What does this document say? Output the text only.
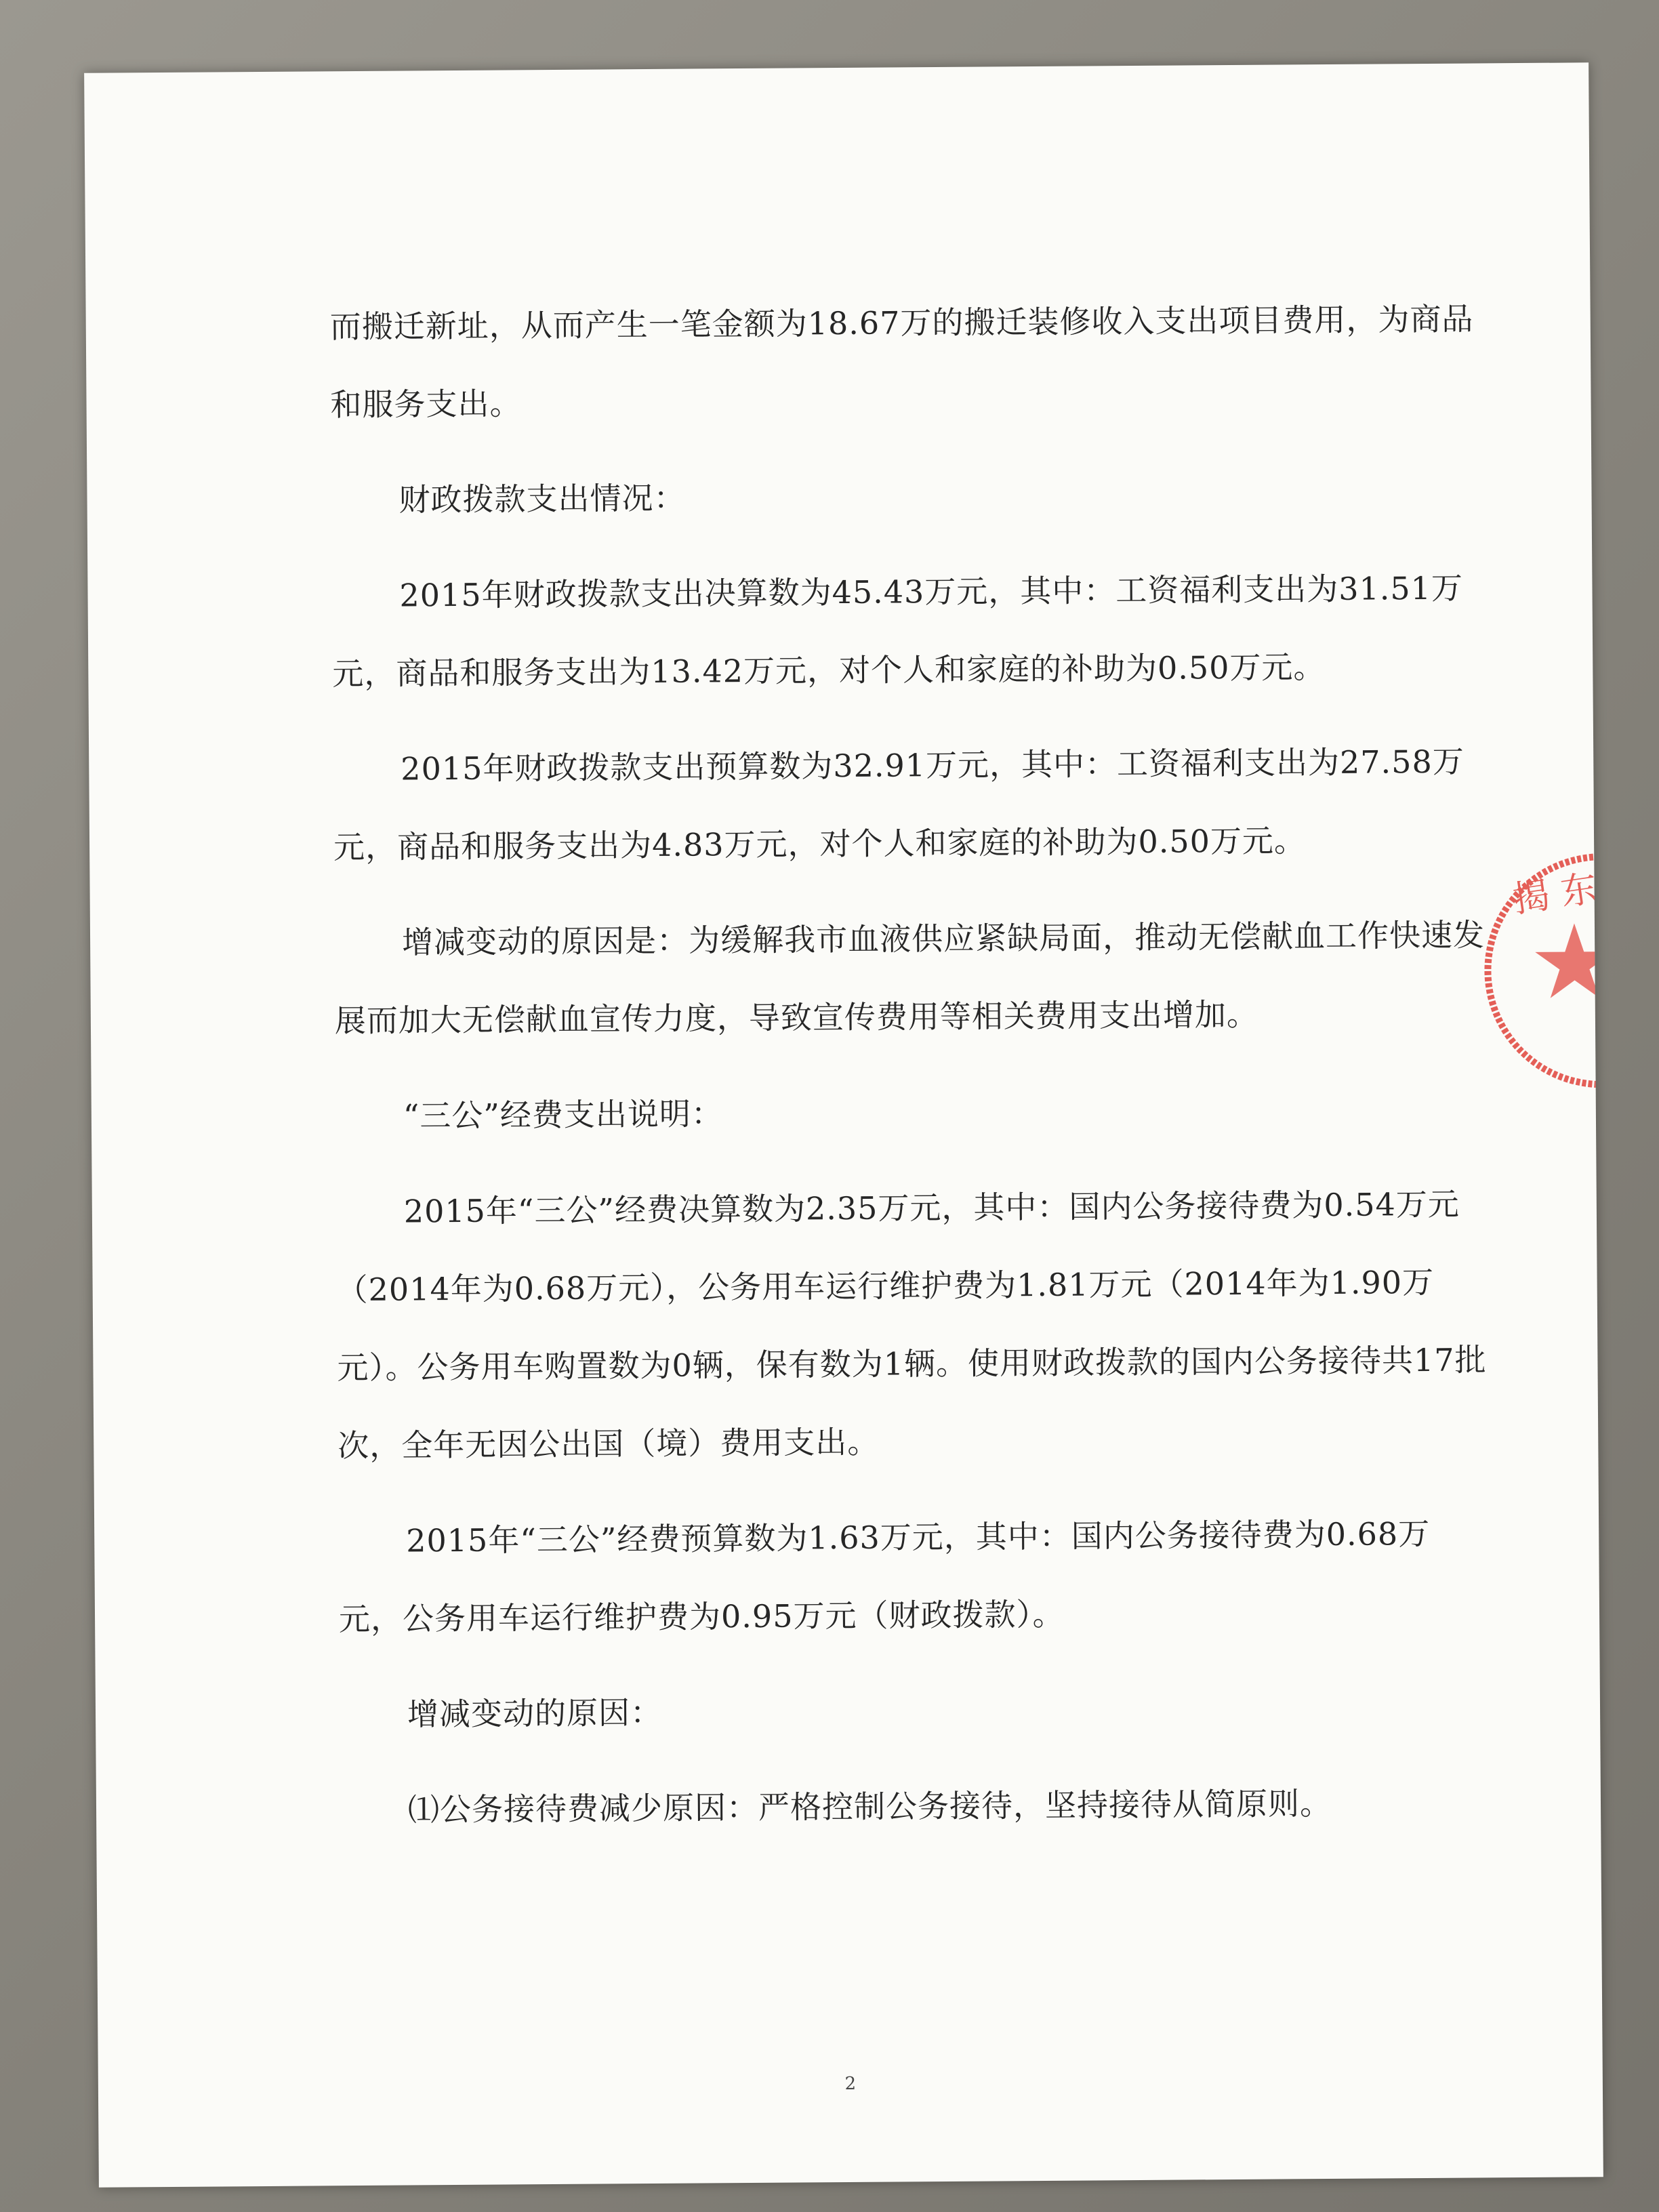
而搬迁新址，从而产生一笔金额为18.67万的搬迁装修收入支出项目费用，为商品和服务支出。

财政拨款支出情况：

2015年财政拨款支出决算数为45.43万元，其中：工资福利支出为31.51万元，商品和服务支出为13.42万元，对个人和家庭的补助为0.50万元。

2015年财政拨款支出预算数为32.91万元，其中：工资福利支出为27.58万元，商品和服务支出为4.83万元，对个人和家庭的补助为0.50万元。

增减变动的原因是：为缓解我市血液供应紧缺局面，推动无偿献血工作快速发展而加大无偿献血宣传力度，导致宣传费用等相关费用支出增加。

“三公”经费支出说明：

2015年“三公”经费决算数为2.35万元，其中：国内公务接待费为0.54万元（2014年为0.68万元），公务用车运行维护费为1.81万元（2014年为1.90万元）。公务用车购置数为0辆，保有数为1辆。使用财政拨款的国内公务接待共17批次，全年无因公出国（境）费用支出。

2015年“三公”经费预算数为1.63万元，其中：国内公务接待费为0.68万元，公务用车运行维护费为0.95万元（财政拨款）。

增减变动的原因：

⑴公务接待费减少原因：严格控制公务接待，坚持接待从简原则。

2
揭 东
